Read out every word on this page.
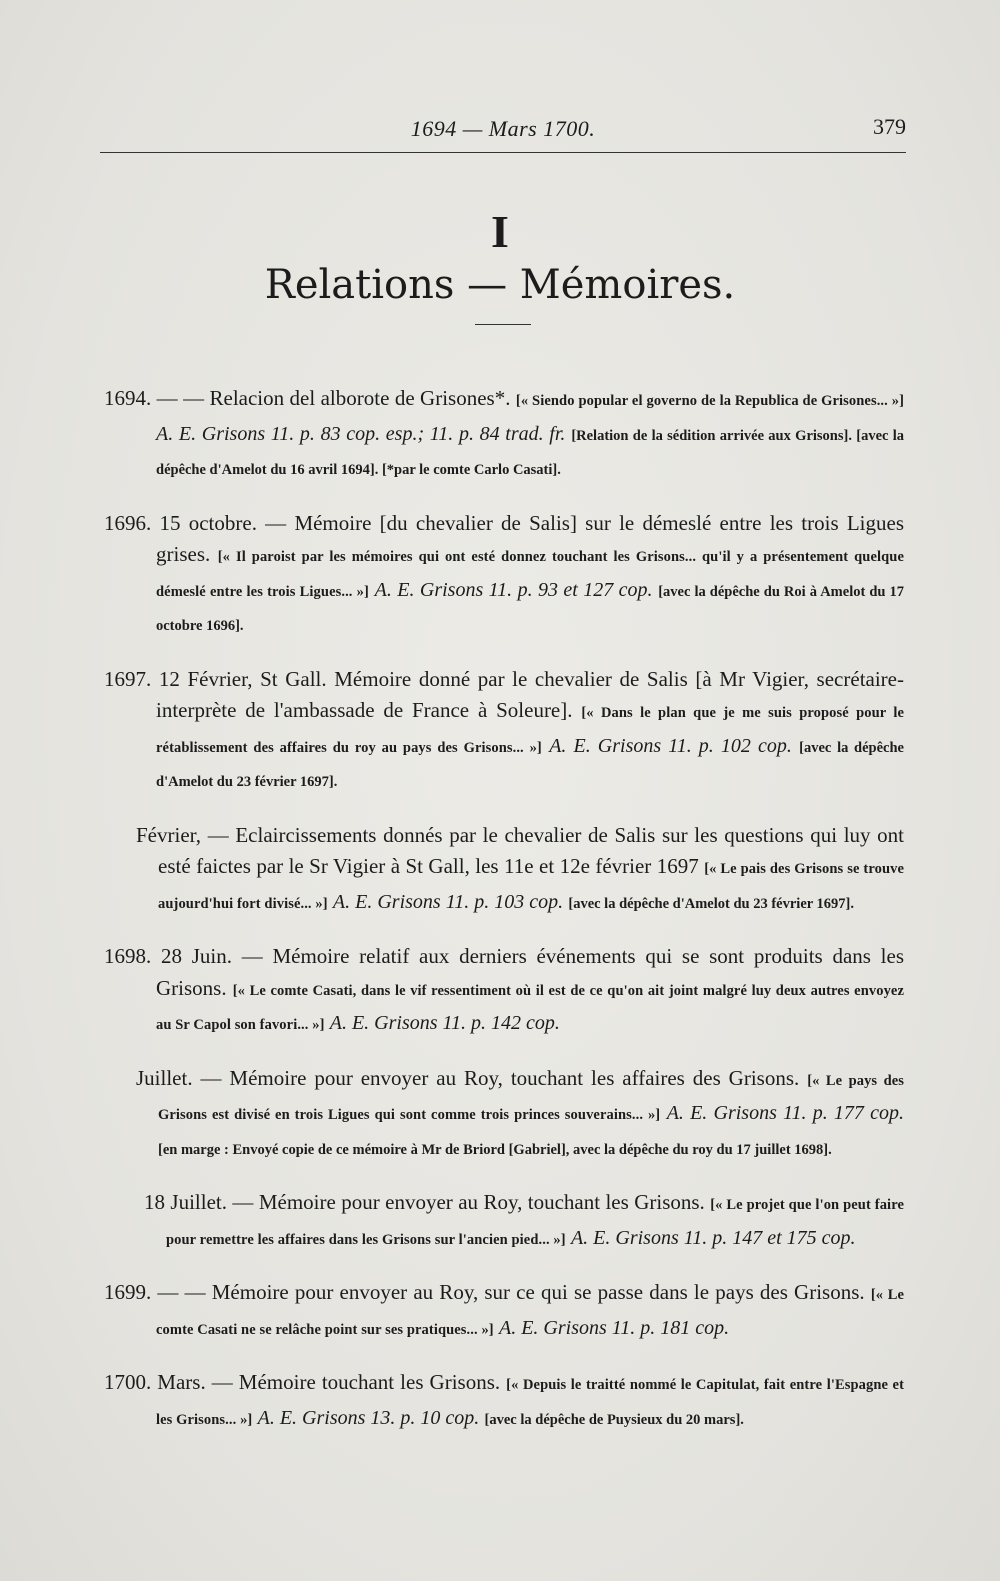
1694 — Mars 1700.	379
I
Relations — Mémoires.

1694. — — Relacion del alborote de Grisones*. [« Siendo popular el governo de la Republica de Grisones... »] A. E. Grisons 11. p. 83 cop. esp.; 11. p. 84 trad. fr. [Relation de la sédition arrivée aux Grisons]. [avec la dépêche d'Amelot du 16 avril 1694]. [*par le comte Carlo Casati].

1696. 15 octobre. — Mémoire [du chevalier de Salis] sur le démeslé entre les trois Ligues grises. [« Il paroist par les mémoires qui ont esté donnez touchant les Grisons... qu'il y a présentement quelque démeslé entre les trois Ligues... »] A. E. Grisons 11. p. 93 et 127 cop. [avec la dépêche du Roi à Amelot du 17 octobre 1696].

1697. 12 Février, St Gall. Mémoire donné par le chevalier de Salis [à Mr Vigier, secrétaire-interprète de l'ambassade de France à Soleure]. [« Dans le plan que je me suis proposé pour le rétablissement des affaires du roy au pays des Grisons... »] A. E. Grisons 11. p. 102 cop. [avec la dépêche d'Amelot du 23 février 1697].

Février, — Eclaircissements donnés par le chevalier de Salis sur les questions qui luy ont esté faictes par le Sr Vigier à St Gall, les 11e et 12e février 1697 [« Le pais des Grisons se trouve aujourd'hui fort divisé... »] A. E. Grisons 11. p. 103 cop. [avec la dépêche d'Amelot du 23 février 1697].

1698. 28 Juin. — Mémoire relatif aux derniers événements qui se sont produits dans les Grisons. [« Le comte Casati, dans le vif ressentiment où il est de ce qu'on ait joint malgré luy deux autres envoyez au Sr Capol son favori... »] A. E. Grisons 11. p. 142 cop.

Juillet. — Mémoire pour envoyer au Roy, touchant les affaires des Grisons. [« Le pays des Grisons est divisé en trois Ligues qui sont comme trois princes souverains... »] A. E. Grisons 11. p. 177 cop. [en marge : Envoyé copie de ce mémoire à Mr de Briord [Gabriel], avec la dépêche du roy du 17 juillet 1698].

18 Juillet. — Mémoire pour envoyer au Roy, touchant les Grisons. [« Le projet que l'on peut faire pour remettre les affaires dans les Grisons sur l'ancien pied... »] A. E. Grisons 11. p. 147 et 175 cop.

1699. — — Mémoire pour envoyer au Roy, sur ce qui se passe dans le pays des Grisons. [« Le comte Casati ne se relâche point sur ses pratiques... »] A. E. Grisons 11. p. 181 cop.

1700. Mars. — Mémoire touchant les Grisons. [« Depuis le traitté nommé le Capitulat, fait entre l'Espagne et les Grisons... »] A. E. Grisons 13. p. 10 cop. [avec la dépêche de Puysieux du 20 mars].
